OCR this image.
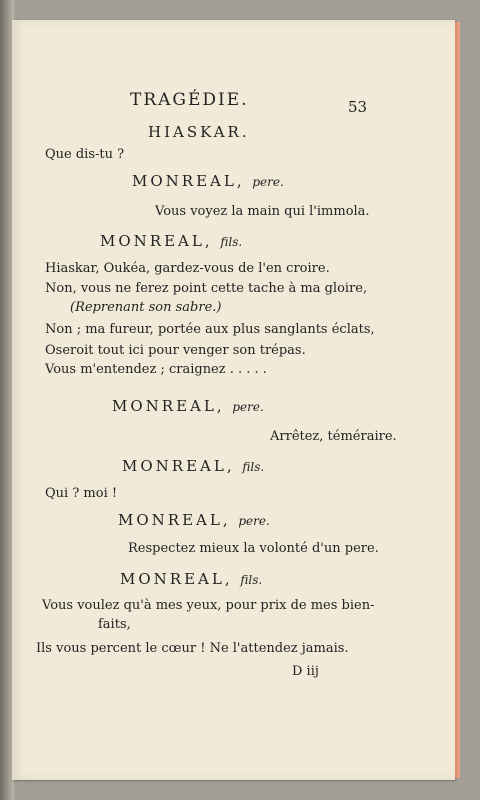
TRAGÉDIE.	53
HIASKAR.
Que dis-tu ?
MONREAL, pere.
Vous voyez la main qui l'immola.
MONREAL, fils.
Hiaskar, Oukéa, gardez-vous de l'en croire.
Non, vous ne ferez point cette tache à ma gloire,
(Reprenant son sabre.)
Non ; ma fureur, portée aux plus sanglants éclats,
Oseroit tout ici pour venger son trépas.
Vous m'entendez ; craignez . . . . .
MONREAL, pere.
Arrêtez, téméraire.
MONREAL, fils.
Qui ? moi !
MONREAL, pere.
Respectez mieux la volonté d'un pere.
MONREAL, fils.
Vous voulez qu'à mes yeux, pour prix de mes bien-
faits,
Ils vous percent le cœur ! Ne l'attendez jamais.
D iij
